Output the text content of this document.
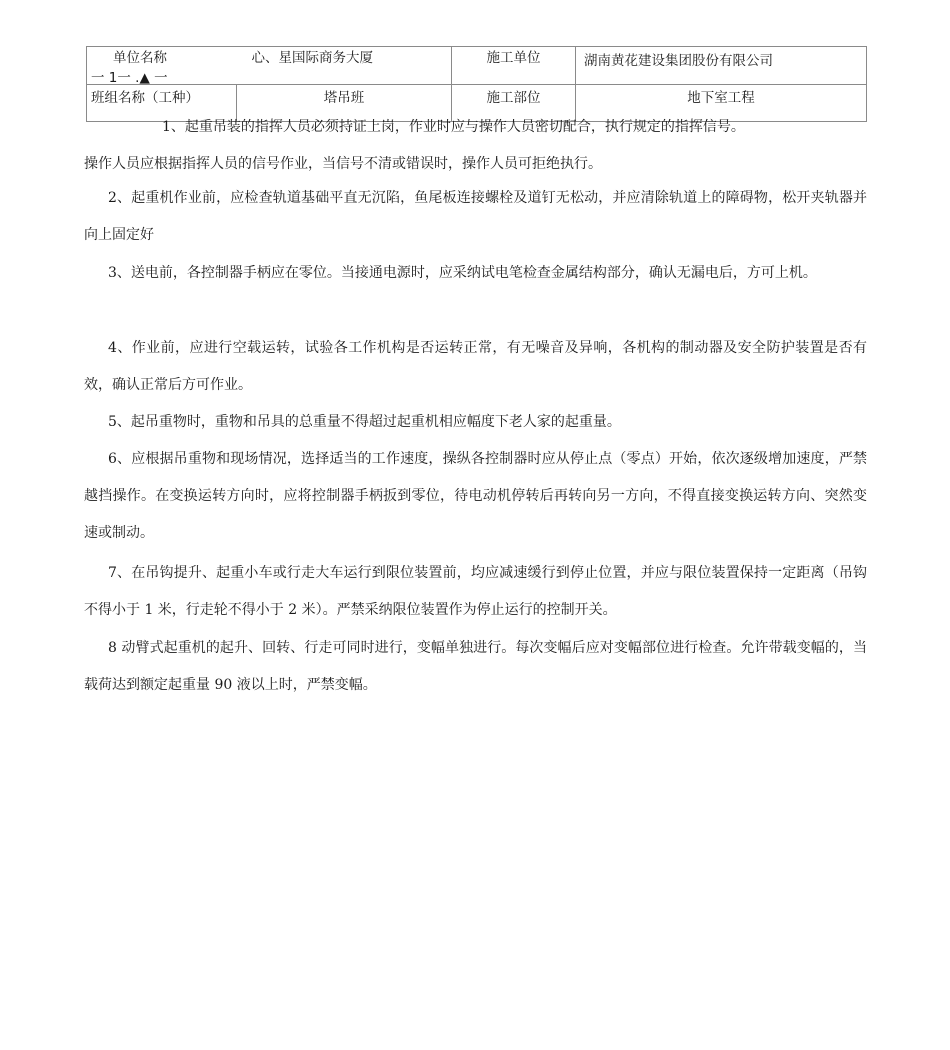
单位名称 心、星国际商务大厦		施工单位	湖南黄花建设集团股份有限公司
班组名称（工种）	塔吊班	施工部位	地下室工程
一 1一 .▲ 一

1、起重吊装的指挥人员必须持证上岗，作业时应与操作人员密切配合，执行规定的指挥信号。

操作人员应根据指挥人员的信号作业，当信号不清或错误时，操作人员可拒绝执行。

2、起重机作业前，应检查轨道基础平直无沉陷，鱼尾板连接螺栓及道钉无松动，并应清除轨道上的障碍物，松开夹轨器并向上固定好

3、送电前，各控制器手柄应在零位。当接通电源时，应采纳试电笔检查金属结构部分，确认无漏电后，方可上机。

4、作业前，应进行空载运转，试验各工作机构是否运转正常，有无噪音及异响，各机构的制动器及安全防护装置是否有效，确认正常后方可作业。

5、起吊重物时，重物和吊具的总重量不得超过起重机相应幅度下老人家的起重量。

6、应根据吊重物和现场情况，选择适当的工作速度，操纵各控制器时应从停止点（零点）开始，依次逐级增加速度，严禁越挡操作。在变换运转方向时，应将控制器手柄扳到零位，待电动机停转后再转向另一方向，不得直接变换运转方向、突然变速或制动。

7、在吊钩提升、起重小车或行走大车运行到限位装置前，均应减速缓行到停止位置，并应与限位装置保持一定距离（吊钩不得小于 1 米，行走轮不得小于 2 米）。严禁采纳限位装置作为停止运行的控制开关。

8 动臂式起重机的起升、回转、行走可同时进行，变幅单独进行。每次变幅后应对变幅部位进行检查。允许带载变幅的，当载荷达到额定起重量 90 液以上时，严禁变幅。
